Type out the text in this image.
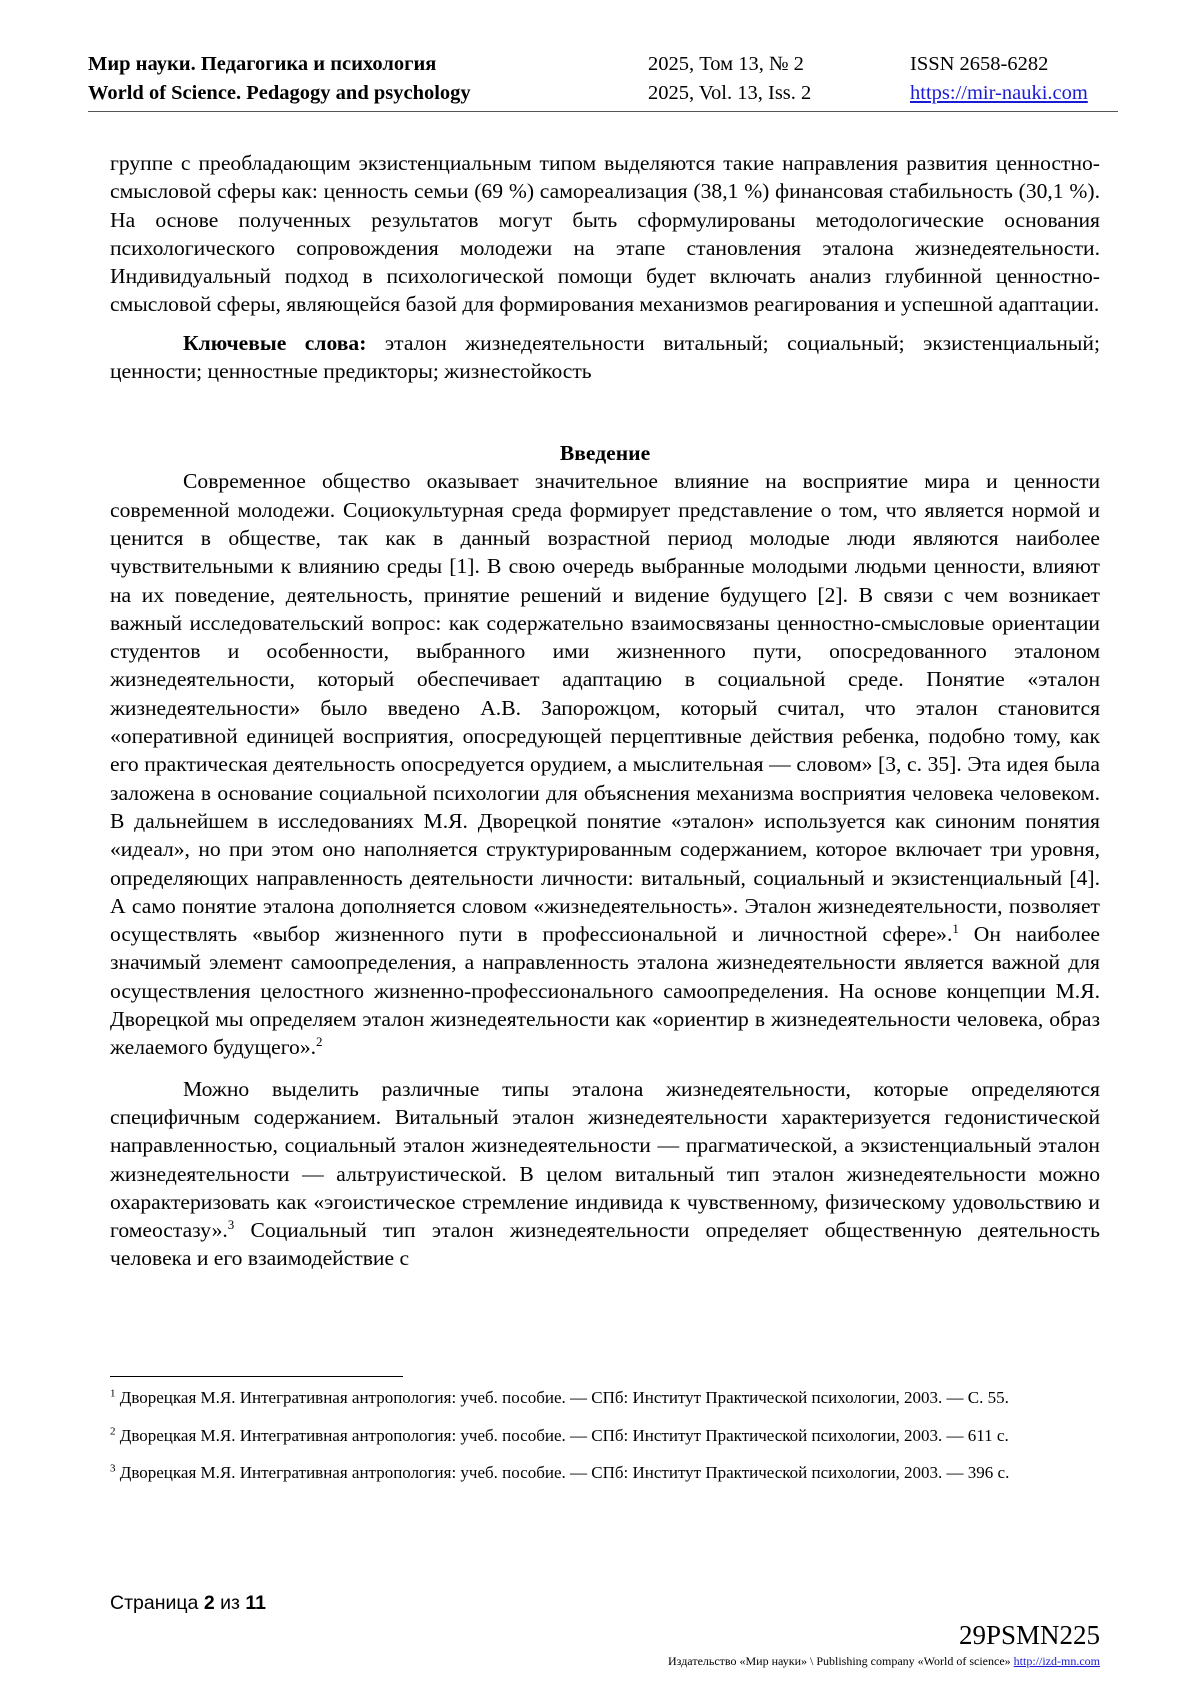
Мир науки. Педагогика и психология	2025, Том 13, № 2	ISSN 2658-6282
World of Science. Pedagogy and psychology	2025, Vol. 13, Iss. 2	https://mir-nauki.com

группе с преобладающим экзистенциальным типом выделяются такие направления развития ценностно-смысловой сферы как: ценность семьи (69 %) самореализация (38,1 %) финансовая стабильность (30,1 %). На основе полученных результатов могут быть сформулированы методологические основания психологического сопровождения молодежи на этапе становления эталона жизнедеятельности. Индивидуальный подход в психологической помощи будет включать анализ глубинной ценностно-смысловой сферы, являющейся базой для формирования механизмов реагирования и успешной адаптации.

Ключевые слова: эталон жизнедеятельности витальный; социальный; экзистенциальный; ценности; ценностные предикторы; жизнестойкость

Введение

Современное общество оказывает значительное влияние на восприятие мира и ценности современной молодежи. Социокультурная среда формирует представление о том, что является нормой и ценится в обществе, так как в данный возрастной период молодые люди являются наиболее чувствительными к влиянию среды [1]. В свою очередь выбранные молодыми людьми ценности, влияют на их поведение, деятельность, принятие решений и видение будущего [2]. В связи с чем возникает важный исследовательский вопрос: как содержательно взаимосвязаны ценностно-смысловые ориентации студентов и особенности, выбранного ими жизненного пути, опосредованного эталоном жизнедеятельности, который обеспечивает адаптацию в социальной среде. Понятие «эталон жизнедеятельности» было введено А.В. Запорожцом, который считал, что эталон становится «оперативной единицей восприятия, опосредующей перцептивные действия ребенка, подобно тому, как его практическая деятельность опосредуется орудием, а мыслительная — словом» [3, с. 35]. Эта идея была заложена в основание социальной психологии для объяснения механизма восприятия человека человеком. В дальнейшем в исследованиях М.Я. Дворецкой понятие «эталон» используется как синоним понятия «идеал», но при этом оно наполняется структурированным содержанием, которое включает три уровня, определяющих направленность деятельности личности: витальный, социальный и экзистенциальный [4]. А само понятие эталона дополняется словом «жизнедеятельность». Эталон жизнедеятельности, позволяет осуществлять «выбор жизненного пути в профессиональной и личностной сфере».$^1$ Он наиболее значимый элемент самоопределения, а направленность эталона жизнедеятельности является важной для осуществления целостного жизненно-профессионального самоопределения. На основе концепции М.Я. Дворецкой мы определяем эталон жизнедеятельности как «ориентир в жизнедеятельности человека, образ желаемого будущего».$^2$

Можно выделить различные типы эталона жизнедеятельности, которые определяются специфичным содержанием. Витальный эталон жизнедеятельности характеризуется гедонистической направленностью, социальный эталон жизнедеятельности — прагматической, а экзистенциальный эталон жизнедеятельности — альтруистической. В целом витальный тип эталон жизнедеятельности можно охарактеризовать как «эгоистическое стремление индивида к чувственному, физическому удовольствию и гомеостазу».$^3$ Социальный тип эталон жизнедеятельности определяет общественную деятельность человека и его взаимодействие с

$^1$ Дворецкая М.Я. Интегративная антропология: учеб. пособие. — СПб: Институт Практической психологии, 2003. — С. 55.

$^2$ Дворецкая М.Я. Интегративная антропология: учеб. пособие. — СПб: Институт Практической психологии, 2003. — 611 с.

$^3$ Дворецкая М.Я. Интегративная антропология: учеб. пособие. — СПб: Институт Практической психологии, 2003. — 396 с.

Страница 2 из 11
29PSMN225
Издательство «Мир науки» \ Publishing company «World of science» http://izd-mn.com
